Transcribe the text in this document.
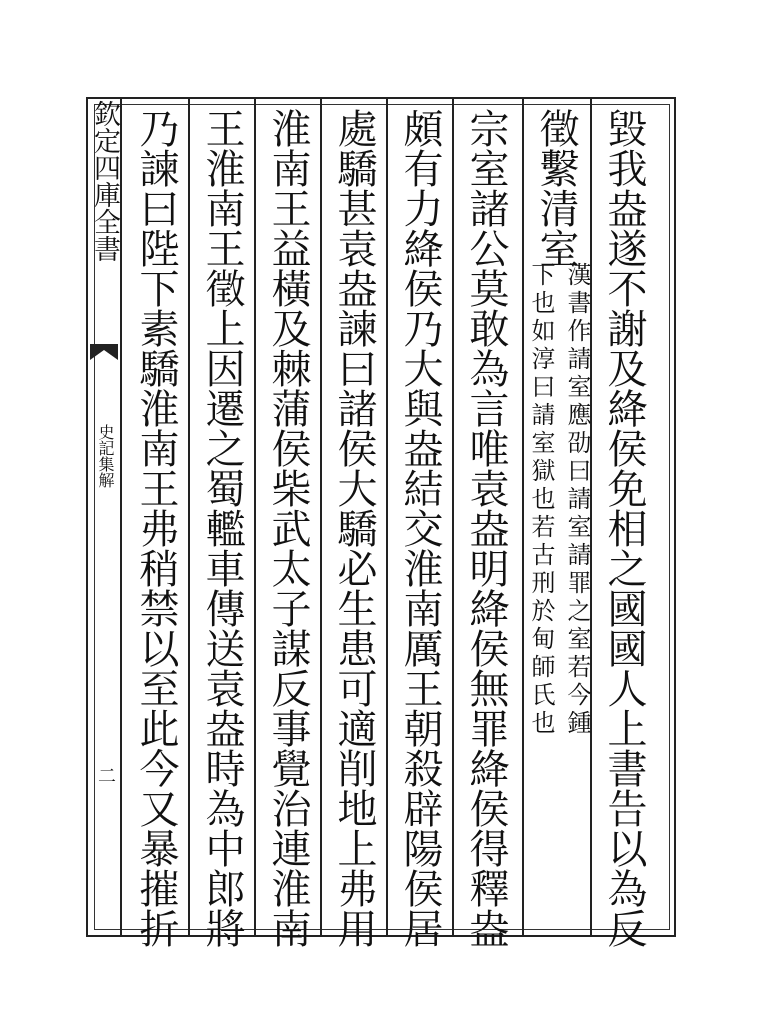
欽定四庫全書
史記集解
二	毀我盎遂不謝及絳侯免相之國國人上書告以為反
徵繫清室
漢書作請室應劭曰請室請罪之室若今鍾
下也如淳曰請室獄也若古刑於甸師氏也
宗室諸公莫敢為言唯袁盎明絳侯無罪絳侯得釋盎
頗有力絳侯乃大與盎結交淮南厲王朝殺辟陽侯居
處驕甚袁盎諫曰諸侯大驕必生患可適削地上弗用
淮南王益橫及棘蒲侯柴武太子謀反事覺治連淮南
王淮南王徵上因遷之蜀轞車傳送袁盎時為中郎將
乃諫曰陛下素驕淮南王弗稍禁以至此今又暴摧折
